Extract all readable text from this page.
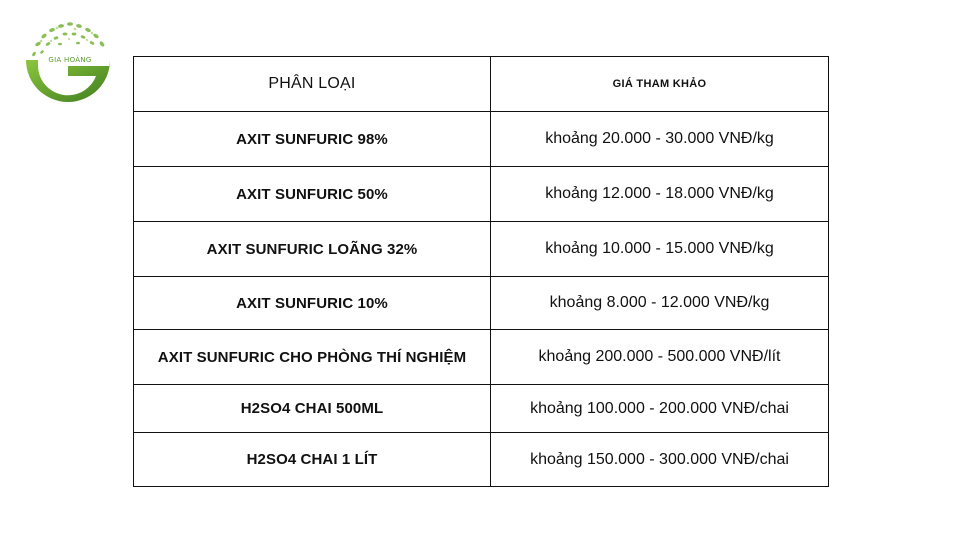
GIA HOÀNG
PHÂN LOẠI	GIÁ THAM KHẢO
AXIT SUNFURIC 98%	khoảng 20.000 - 30.000 VNĐ/kg
AXIT SUNFURIC 50%	khoảng 12.000 - 18.000 VNĐ/kg
AXIT SUNFURIC LOÃNG 32%	khoảng 10.000 - 15.000 VNĐ/kg
AXIT SUNFURIC 10%	khoảng 8.000 - 12.000 VNĐ/kg
AXIT SUNFURIC CHO PHÒNG THÍ NGHIỆM	khoảng 200.000 - 500.000 VNĐ/lít
H2SO4 CHAI 500ML	khoảng 100.000 - 200.000 VNĐ/chai
H2SO4 CHAI 1 LÍT	khoảng 150.000 - 300.000 VNĐ/chai
